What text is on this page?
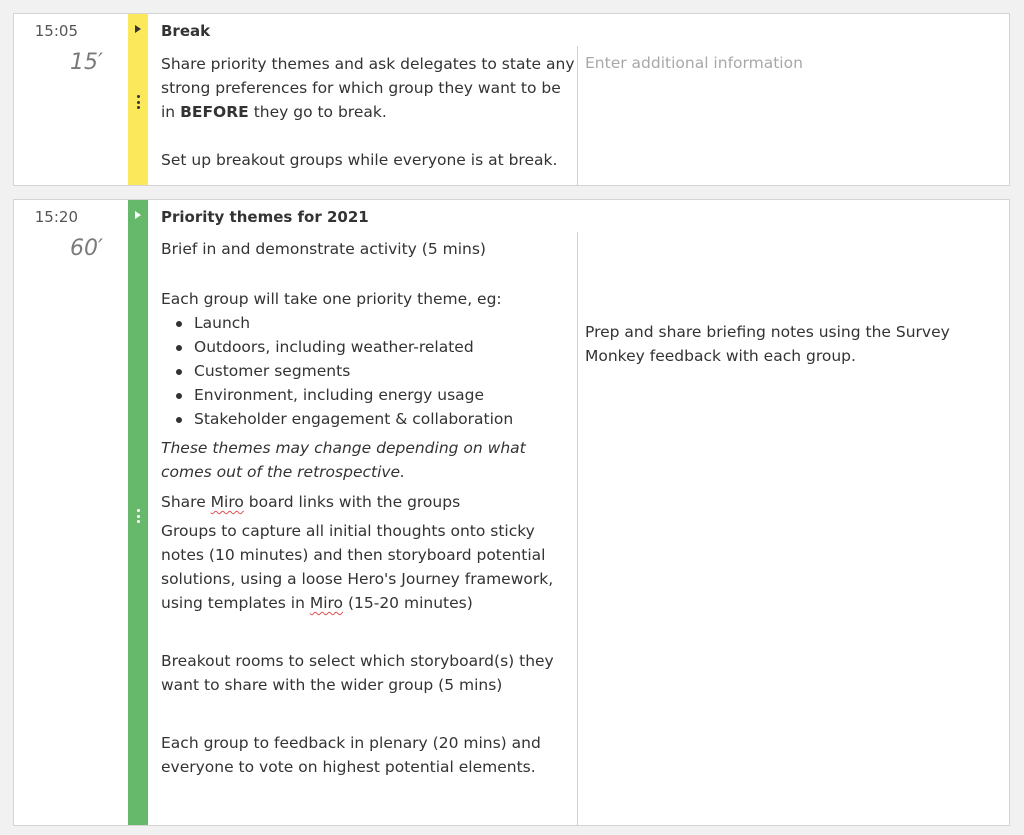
15:05
15′
Break

Share priority themes and ask delegates to state any strong preferences for which group they want to be in BEFORE they go to break.

Set up breakout groups while everyone is at break.

Enter additional information
15:20
60′
Priority themes for 2021

Brief in and demonstrate activity (5 mins)

Each group will take one priority theme, eg:

Launch
Outdoors, including weather-related
Customer segments
Environment, including energy usage
Stakeholder engagement & collaboration

These themes may change depending on what comes out of the retrospective.

Share Miro board links with the groups

Groups to capture all initial thoughts onto sticky notes (10 minutes) and then storyboard potential solutions, using a loose Hero's Journey framework, using templates in Miro (15-20 minutes)

Breakout rooms to select which storyboard(s) they want to share with the wider group (5 mins)

Each group to feedback in plenary (20 mins) and everyone to vote on highest potential elements.

Prep and share briefing notes using the Survey Monkey feedback with each group.
